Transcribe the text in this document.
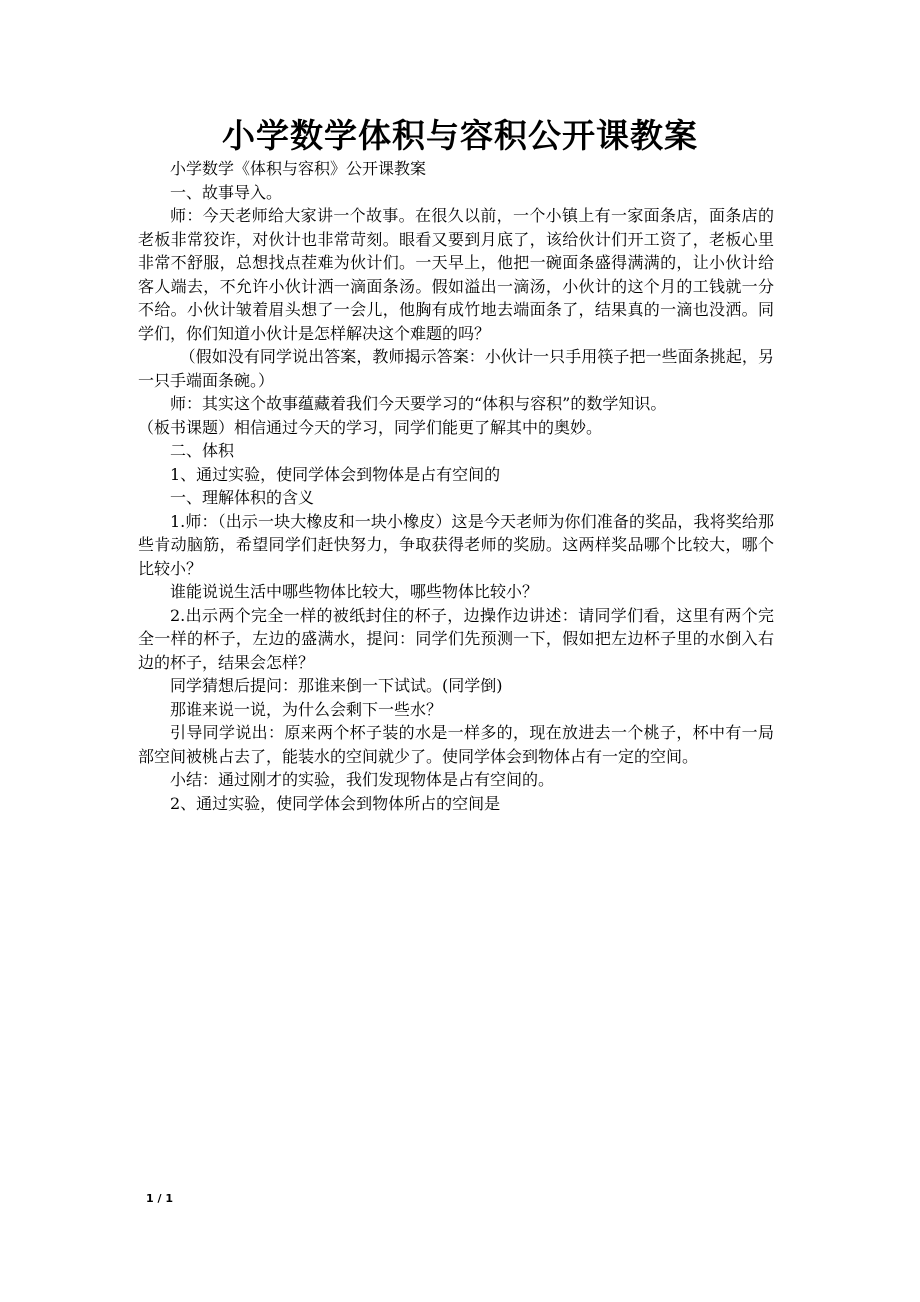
小学数学体积与容积公开课教案

小学数学《体积与容积》公开课教案

一、故事导入。

师：今天老师给大家讲一个故事。在很久以前，一个小镇上有一家面条店，面条店的老板非常狡诈，对伙计也非常苛刻。眼看又要到月底了，该给伙计们开工资了，老板心里非常不舒服，总想找点茬难为伙计们。一天早上，他把一碗面条盛得满满的，让小伙计给客人端去，不允许小伙计洒一滴面条汤。假如溢出一滴汤，小伙计的这个月的工钱就一分不给。小伙计皱着眉头想了一会儿，他胸有成竹地去端面条了，结果真的一滴也没洒。同学们，你们知道小伙计是怎样解决这个难题的吗？

（假如没有同学说出答案，教师揭示答案：小伙计一只手用筷子把一些面条挑起，另一只手端面条碗。）

师：其实这个故事蕴藏着我们今天要学习的“体积与容积”的数学知识。

（板书课题）相信通过今天的学习，同学们能更了解其中的奥妙。

二、体积

1、通过实验，使同学体会到物体是占有空间的

一、理解体积的含义

1.师：（出示一块大橡皮和一块小橡皮）这是今天老师为你们准备的奖品，我将奖给那些肯动脑筋，希望同学们赶快努力，争取获得老师的奖励。这两样奖品哪个比较大，哪个比较小？

谁能说说生活中哪些物体比较大，哪些物体比较小？

2.出示两个完全一样的被纸封住的杯子，边操作边讲述：请同学们看，这里有两个完全一样的杯子，左边的盛满水，提问：同学们先预测一下，假如把左边杯子里的水倒入右边的杯子，结果会怎样？

同学猜想后提问：那谁来倒一下试试。(同学倒)

那谁来说一说，为什么会剩下一些水？

引导同学说出：原来两个杯子装的水是一样多的，现在放进去一个桃子，杯中有一局部空间被桃占去了，能装水的空间就少了。使同学体会到物体占有一定的空间。

小结：通过刚才的实验，我们发现物体是占有空间的。

2、通过实验，使同学体会到物体所占的空间是

1 / 1
